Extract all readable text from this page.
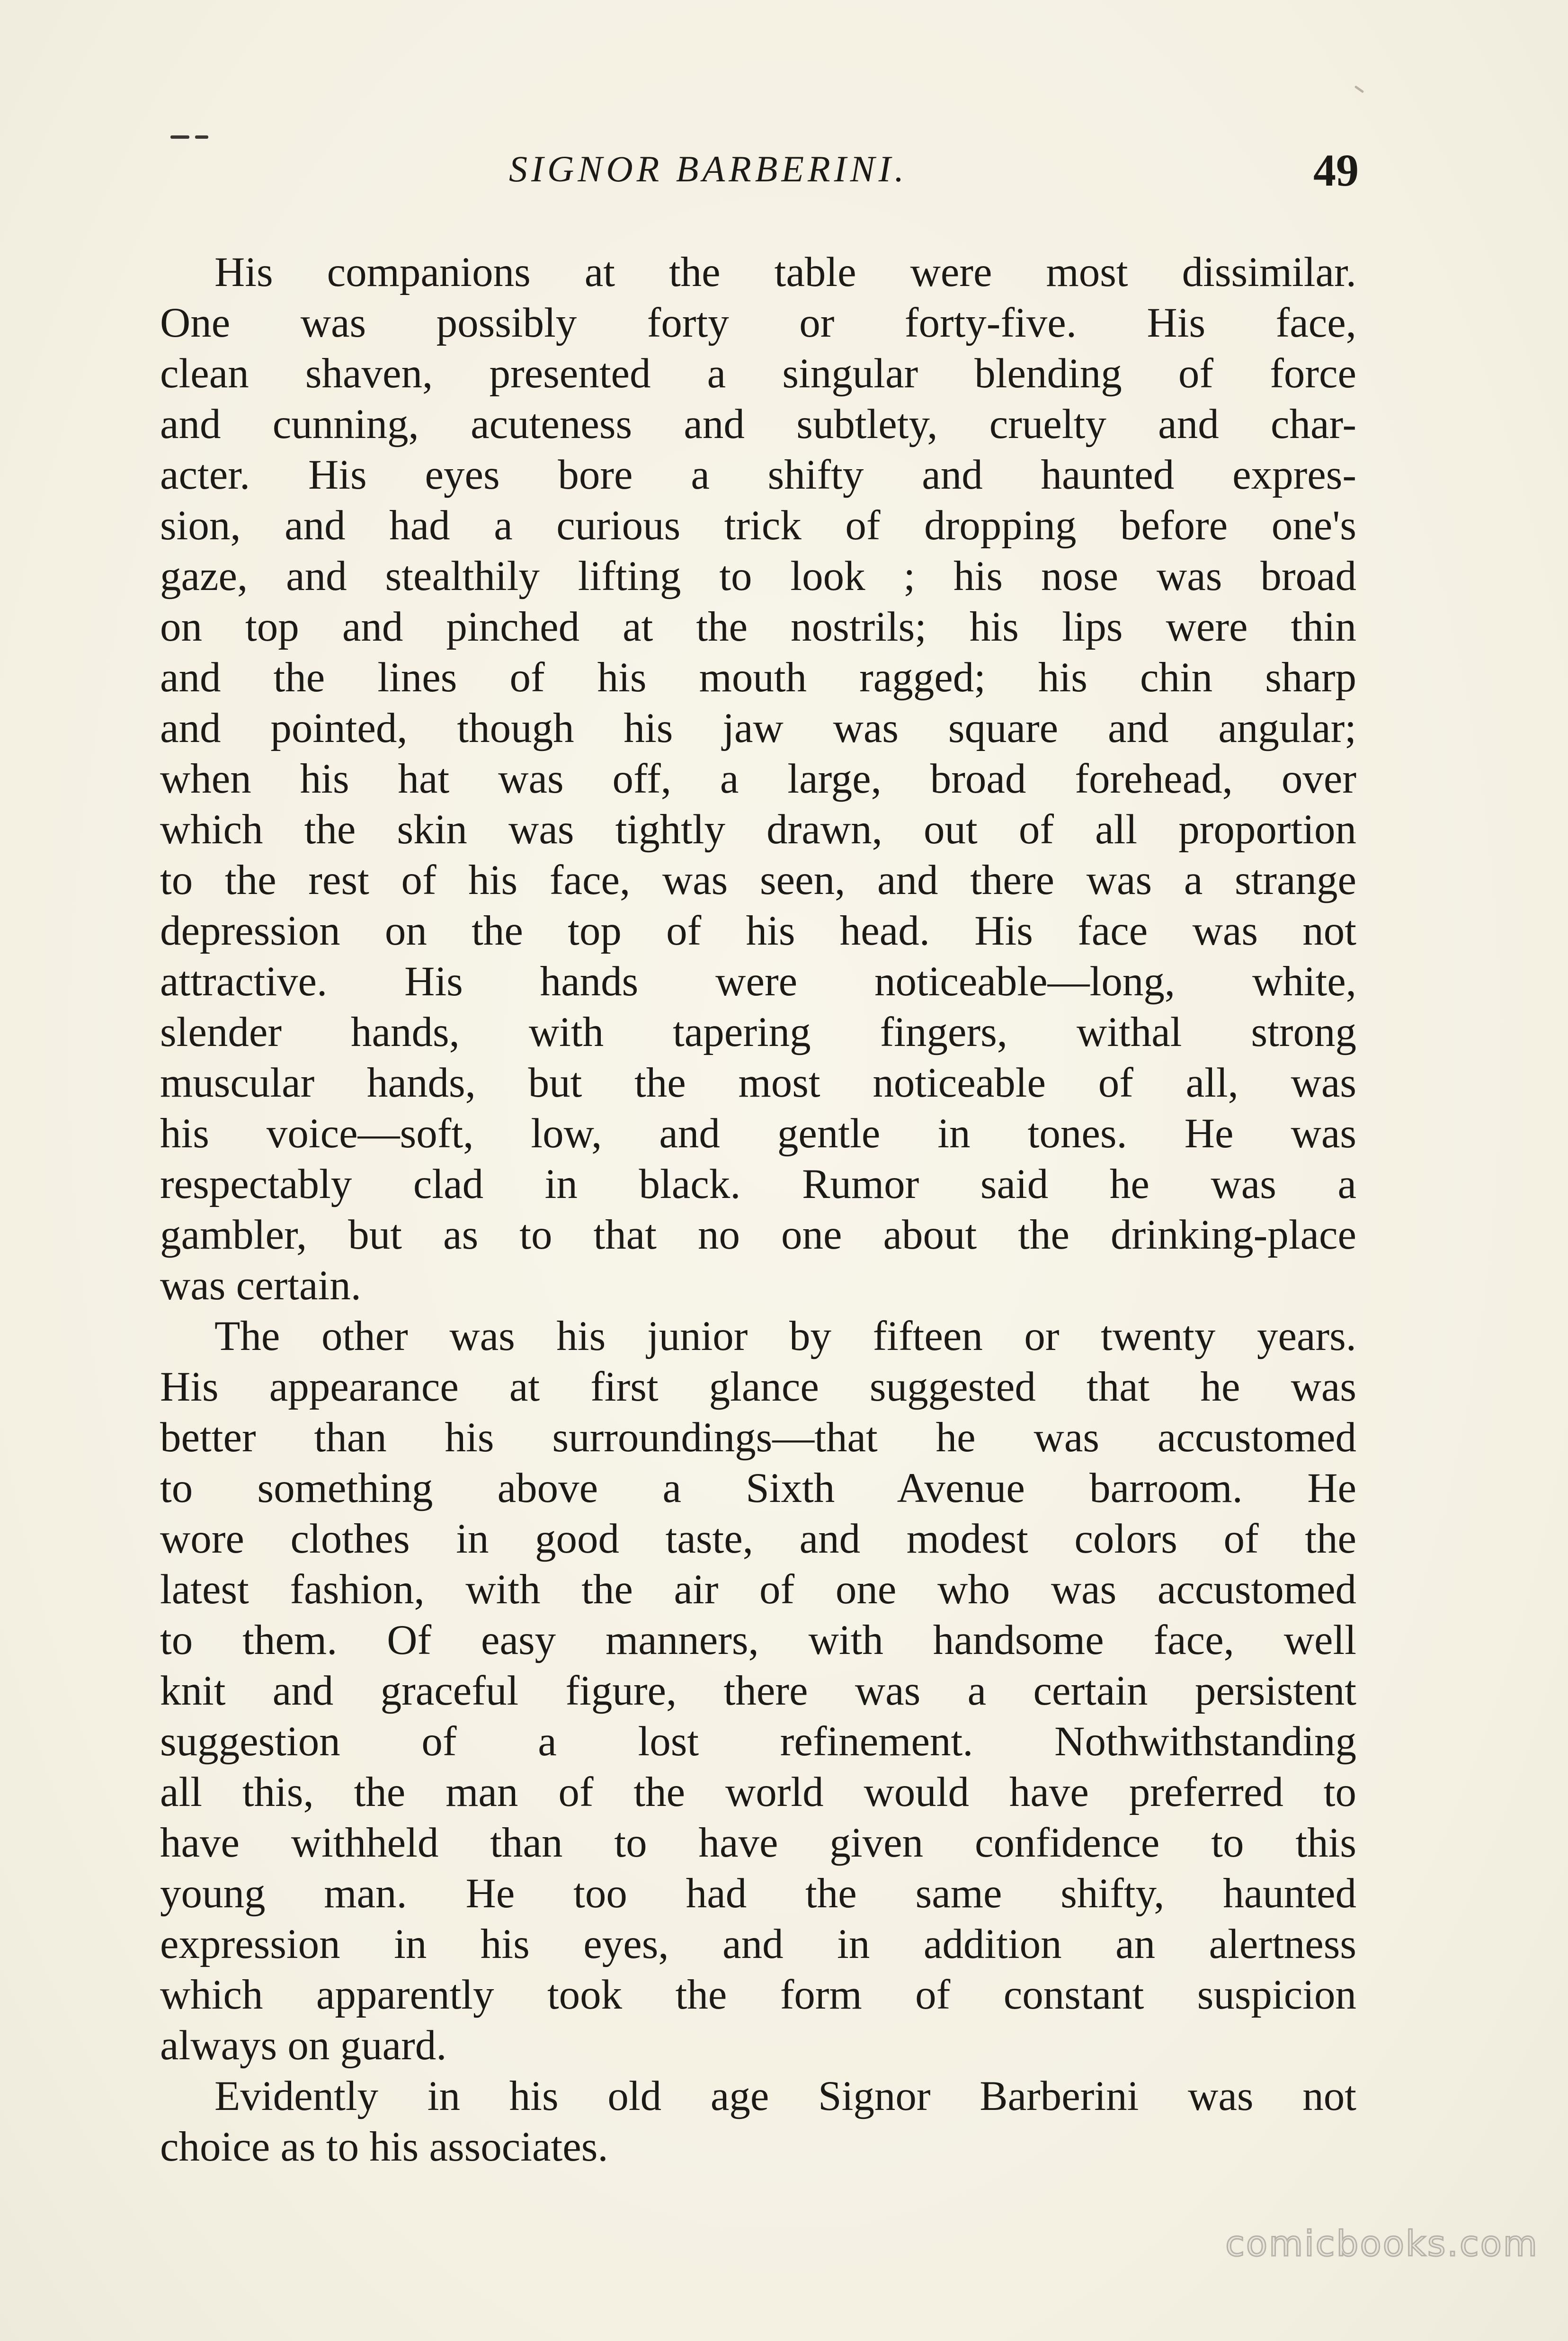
SIGNOR BARBERINI.	49
His companions at the table were most dissimilar.
One was possibly forty or forty-five. His face,
clean shaven, presented a singular blending of force
and cunning, acuteness and subtlety, cruelty and char-
acter. His eyes bore a shifty and haunted expres-
sion, and had a curious trick of dropping before one's
gaze, and stealthily lifting to look ; his nose was broad
on top and pinched at the nostrils; his lips were thin
and the lines of his mouth ragged; his chin sharp
and pointed, though his jaw was square and angular;
when his hat was off, a large, broad forehead, over
which the skin was tightly drawn, out of all proportion
to the rest of his face, was seen, and there was a strange
depression on the top of his head. His face was not
attractive. His hands were noticeable—long, white,
slender hands, with tapering fingers, withal strong
muscular hands, but the most noticeable of all, was
his voice—soft, low, and gentle in tones. He was
respectably clad in black. Rumor said he was a
gambler, but as to that no one about the drinking-place
was certain.
The other was his junior by fifteen or twenty years.
His appearance at first glance suggested that he was
better than his surroundings—that he was accustomed
to something above a Sixth Avenue barroom. He
wore clothes in good taste, and modest colors of the
latest fashion, with the air of one who was accustomed
to them. Of easy manners, with handsome face, well
knit and graceful figure, there was a certain persistent
suggestion of a lost refinement. Nothwithstanding
all this, the man of the world would have preferred to
have withheld than to have given confidence to this
young man. He too had the same shifty, haunted
expression in his eyes, and in addition an alertness
which apparently took the form of constant suspicion
always on guard.
Evidently in his old age Signor Barberini was not
choice as to his associates.
comicbooks.com
